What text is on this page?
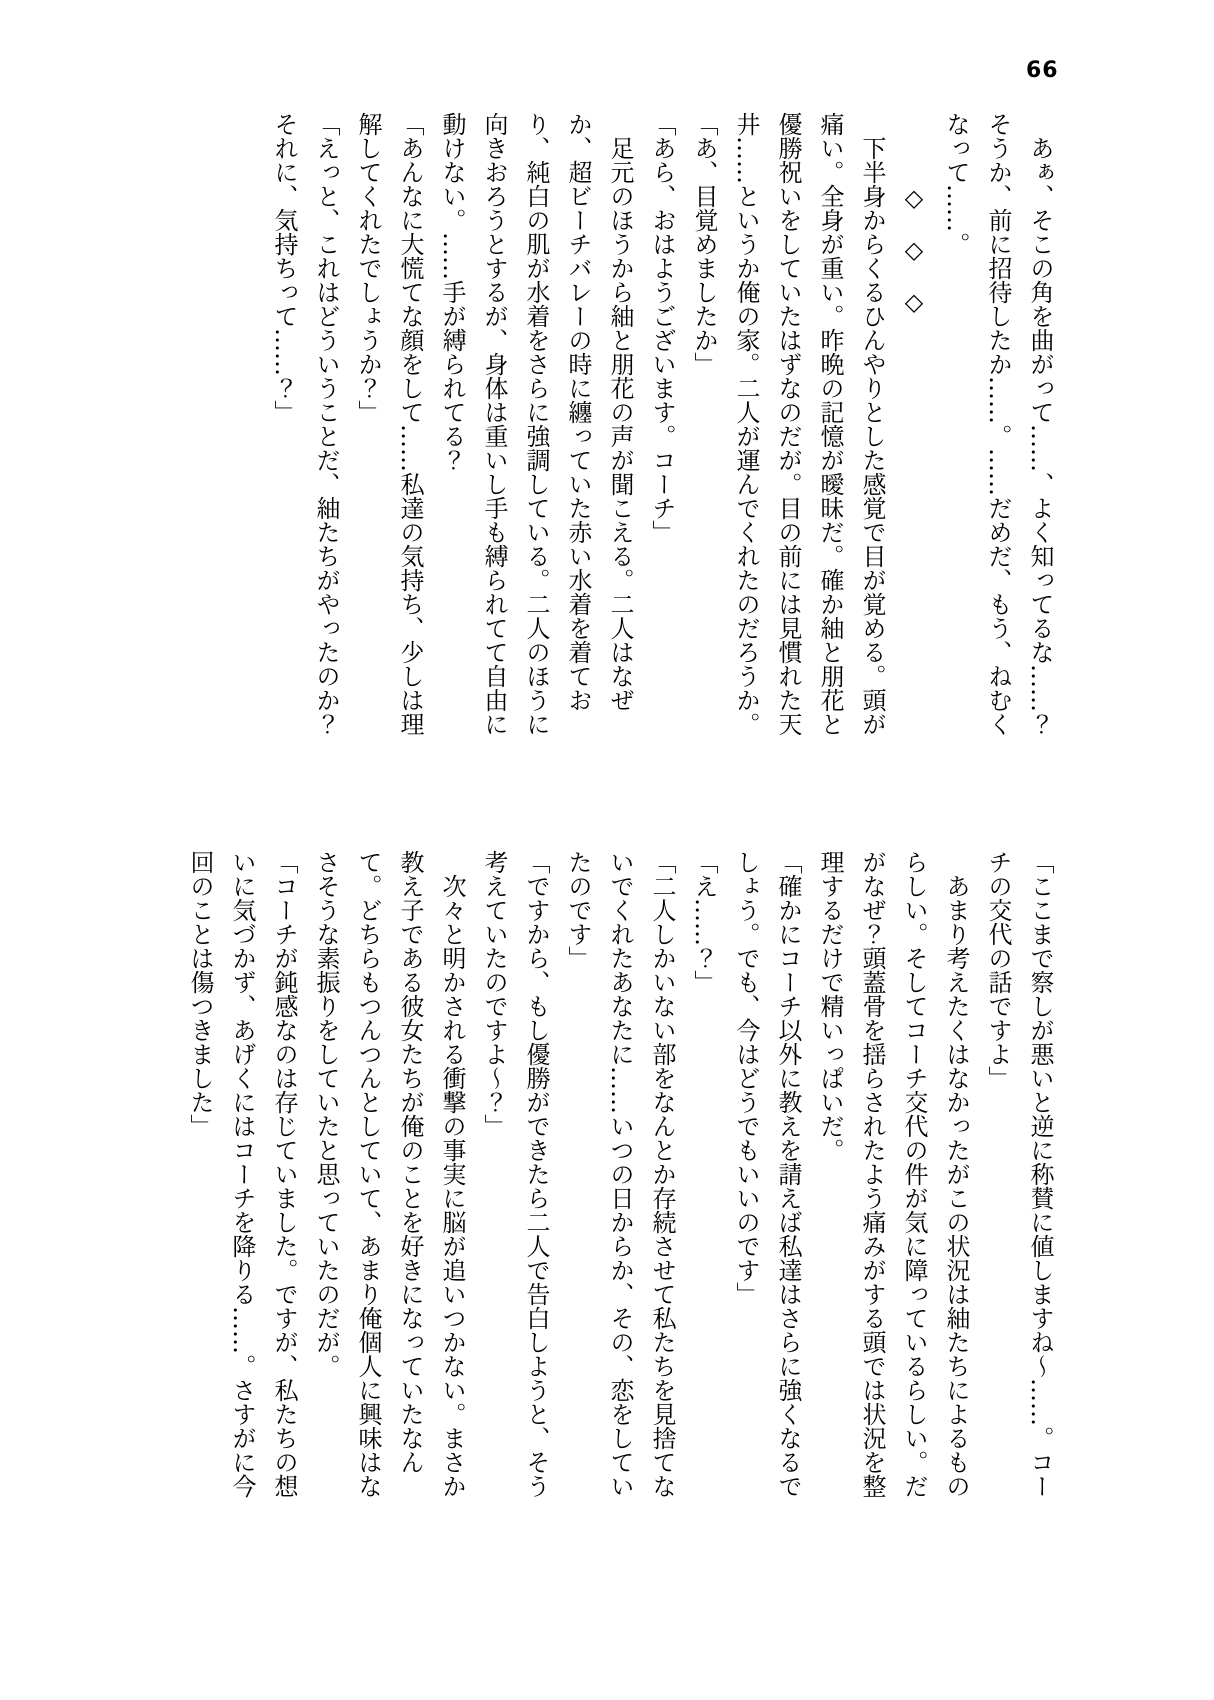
66

あぁ、そこの角を曲がって……、よく知ってるな……？そうか、前に招待したか……。……だめだ、もう、ねむくなって……。

◇　◇　◇

下半身からくるひんやりとした感覚で目が覚める。頭が痛い。全身が重い。昨晩の記憶が曖昧だ。確か紬と朋花と優勝祝いをしていたはずなのだが。目の前には見慣れた天井……というか俺の家。二人が運んでくれたのだろうか。

「あ、目覚めましたか」

「あら、おはようございます。コーチ」

足元のほうから紬と朋花の声が聞こえる。二人はなぜか、超ビーチバレーの時に纏っていた赤い水着を着ており、純白の肌が水着をさらに強調している。二人のほうに向きおろうとするが、身体は重いし手も縛られてて自由に動けない。……手が縛られてる？

「あんなに大慌てな顔をして……私達の気持ち、少しは理解してくれたでしょうか？」

「えっと、これはどういうことだ、紬たちがやったのか？それに、気持ちって……？」

「ここまで察しが悪いと逆に称賛に値しますね～……。コーチの交代の話ですよ」

あまり考えたくはなかったがこの状況は紬たちによるものらしい。そしてコーチ交代の件が気に障っているらしい。だがなぜ？頭蓋骨を揺らされたよう痛みがする頭では状況を整理するだけで精いっぱいだ。

「確かにコーチ以外に教えを請えば私達はさらに強くなるでしょう。でも、今はどうでもいいのです」

「え……？」

「二人しかいない部をなんとか存続させて私たちを見捨てないでくれたあなたに……いつの日からか、その、恋をしていたのです」

「ですから、もし優勝ができたら二人で告白しようと、そう考えていたのですよ～？」

次々と明かされる衝撃の事実に脳が追いつかない。まさか教え子である彼女たちが俺のことを好きになっていたなんて。どちらもつんつんとしていて、あまり俺個人に興味はなさそうな素振りをしていたと思っていたのだが。

「コーチが鈍感なのは存じていました。ですが、私たちの想いに気づかず、あげくにはコーチを降りる……。さすがに今回のことは傷つきました」
